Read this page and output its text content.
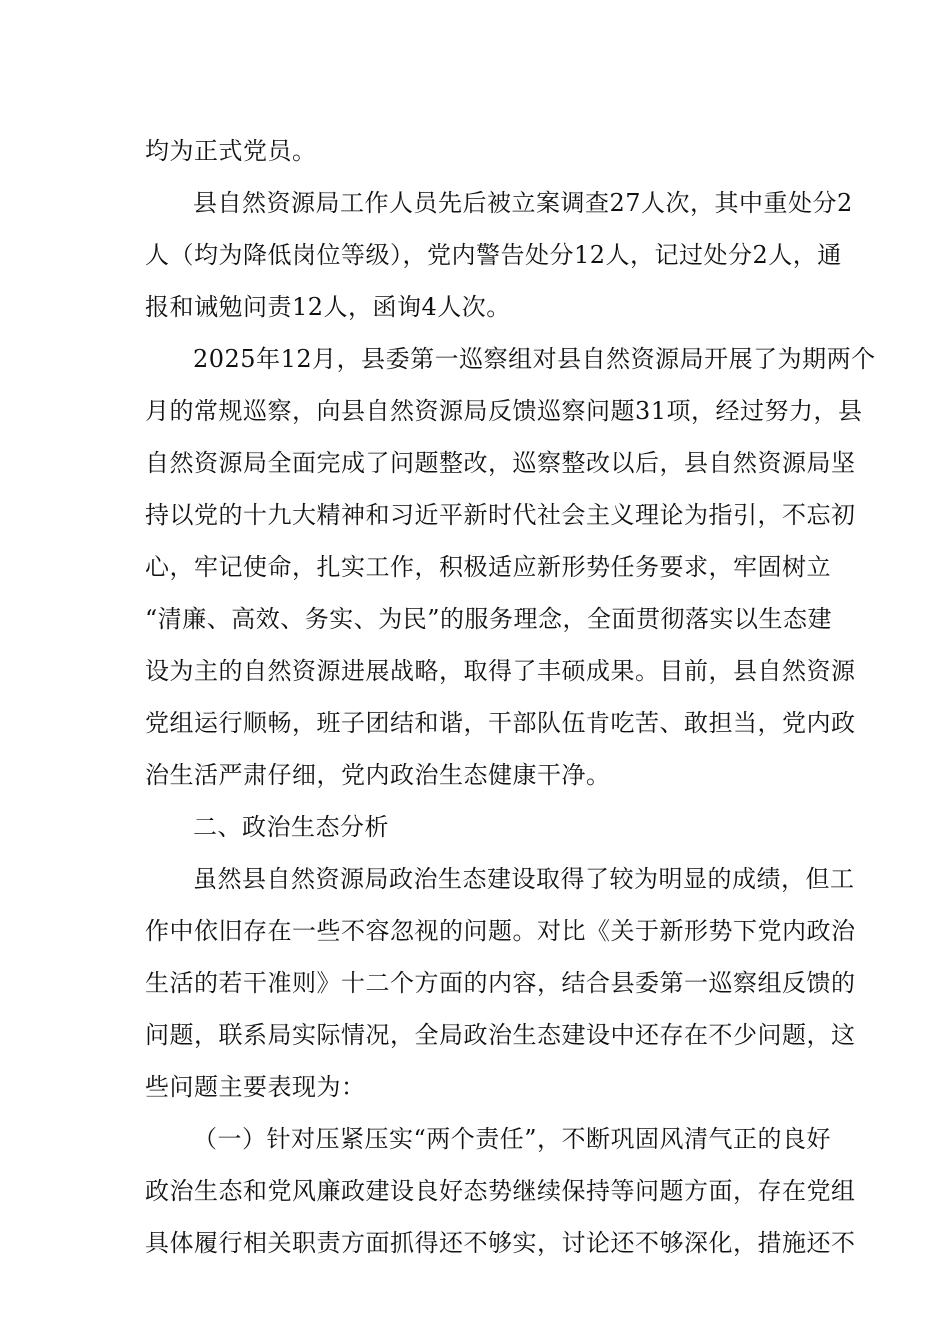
均为正式党员。
县自然资源局工作人员先后被立案调查27人次，其中重处分2
人（均为降低岗位等级），党内警告处分12人，记过处分2人，通
报和诫勉问责12人，函询4人次。
2025年12月，县委第一巡察组对县自然资源局开展了为期两个
月的常规巡察，向县自然资源局反馈巡察问题31项，经过努力，县
自然资源局全面完成了问题整改，巡察整改以后，县自然资源局坚
持以党的十九大精神和习近平新时代社会主义理论为指引，不忘初
心，牢记使命，扎实工作，积极适应新形势任务要求，牢固树立
“清廉、高效、务实、为民”的服务理念，全面贯彻落实以生态建
设为主的自然资源进展战略，取得了丰硕成果。目前，县自然资源
党组运行顺畅，班子团结和谐，干部队伍肯吃苦、敢担当，党内政
治生活严肃仔细，党内政治生态健康干净。
二、政治生态分析
虽然县自然资源局政治生态建设取得了较为明显的成绩，但工
作中依旧存在一些不容忽视的问题。对比《关于新形势下党内政治
生活的若干准则》十二个方面的内容，结合县委第一巡察组反馈的
问题，联系局实际情况，全局政治生态建设中还存在不少问题，这
些问题主要表现为：
（一）针对压紧压实“两个责任”，不断巩固风清气正的良好
政治生态和党风廉政建设良好态势继续保持等问题方面，存在党组
具体履行相关职责方面抓得还不够实，讨论还不够深化，措施还不
